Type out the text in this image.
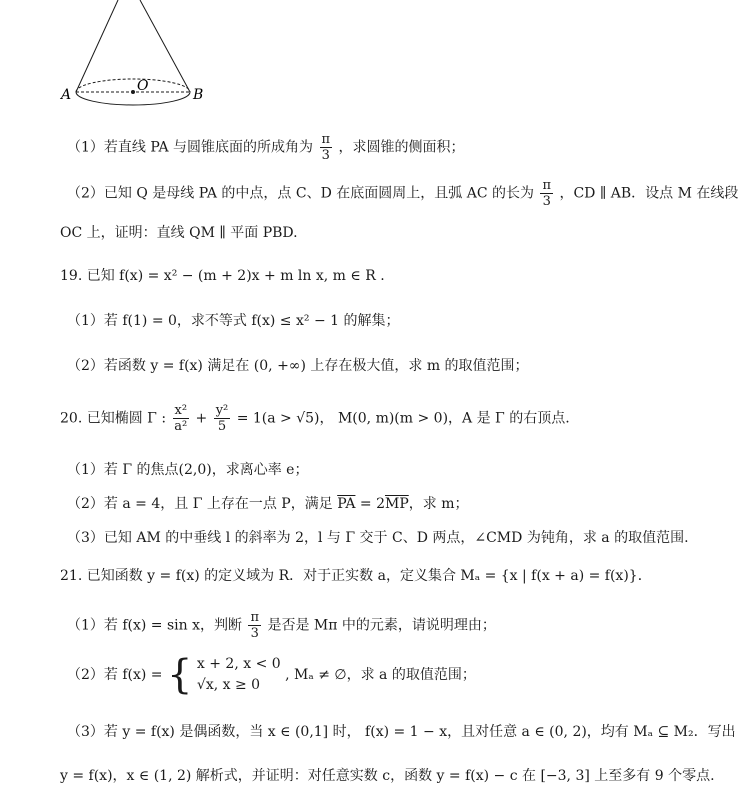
A
O
B
（1）若直线 PA 与圆锥底面的所成角为 $\frac{\pi}{3}$ ，求圆锥的侧面积；
（2）已知 Q 是母线 PA 的中点，点 C、D 在底面圆周上，且弧 AC 的长为 $\frac{\pi}{3}$ ，CD ∥ AB．设点 M 在线段
OC 上，证明：直线 QM ∥ 平面 PBD.
19. 已知 f(x) = x² − (m + 2)x + m ln x, m ∈ R .
（1）若 f(1) = 0，求不等式 f(x) ≤ x² − 1 的解集；
（2）若函数 y = f(x) 满足在 (0, +∞) 上存在极大值，求 m 的取值范围；
20. 已知椭圆 Γ : $\frac{\text{x²}}{\text{a²}} + \frac{\text{y²}}{5} = 1(a > √5)$， M(0, m)(m > 0)，A 是 Γ 的右顶点.
（1）若 Γ 的焦点(2,0)，求离心率 e；
（2）若 a = 4，且 Γ 上存在一点 P，满足 $\overline{PA} = 2\overline{MP}$，求 m；
（3）已知 AM 的中垂线 l 的斜率为 2，l 与 Γ 交于 C、D 两点，∠CMD 为钝角，求 a 的取值范围.
21. 已知函数 y = f(x) 的定义域为 R．对于正实数 a，定义集合 Mₐ = {x | f(x + a) = f(x)}．
（1）若 f(x) = sin x，判断 $\frac{\pi}{3}$ 是否是 Mπ 中的元素，请说明理由；
（2）若 f(x) = { x + 2, x < 0
√x, x ≥ 0
, Mₐ ≠ ∅，求 a 的取值范围；
（3）若 y = f(x) 是偶函数，当 x ∈ (0,1] 时， f(x) = 1 − x，且对任意 a ∈ (0, 2)，均有 Mₐ ⊆ M₂．写出
y = f(x)，x ∈ (1, 2) 解析式，并证明：对任意实数 c，函数 y = f(x) − c 在 [−3, 3] 上至多有 9 个零点.
